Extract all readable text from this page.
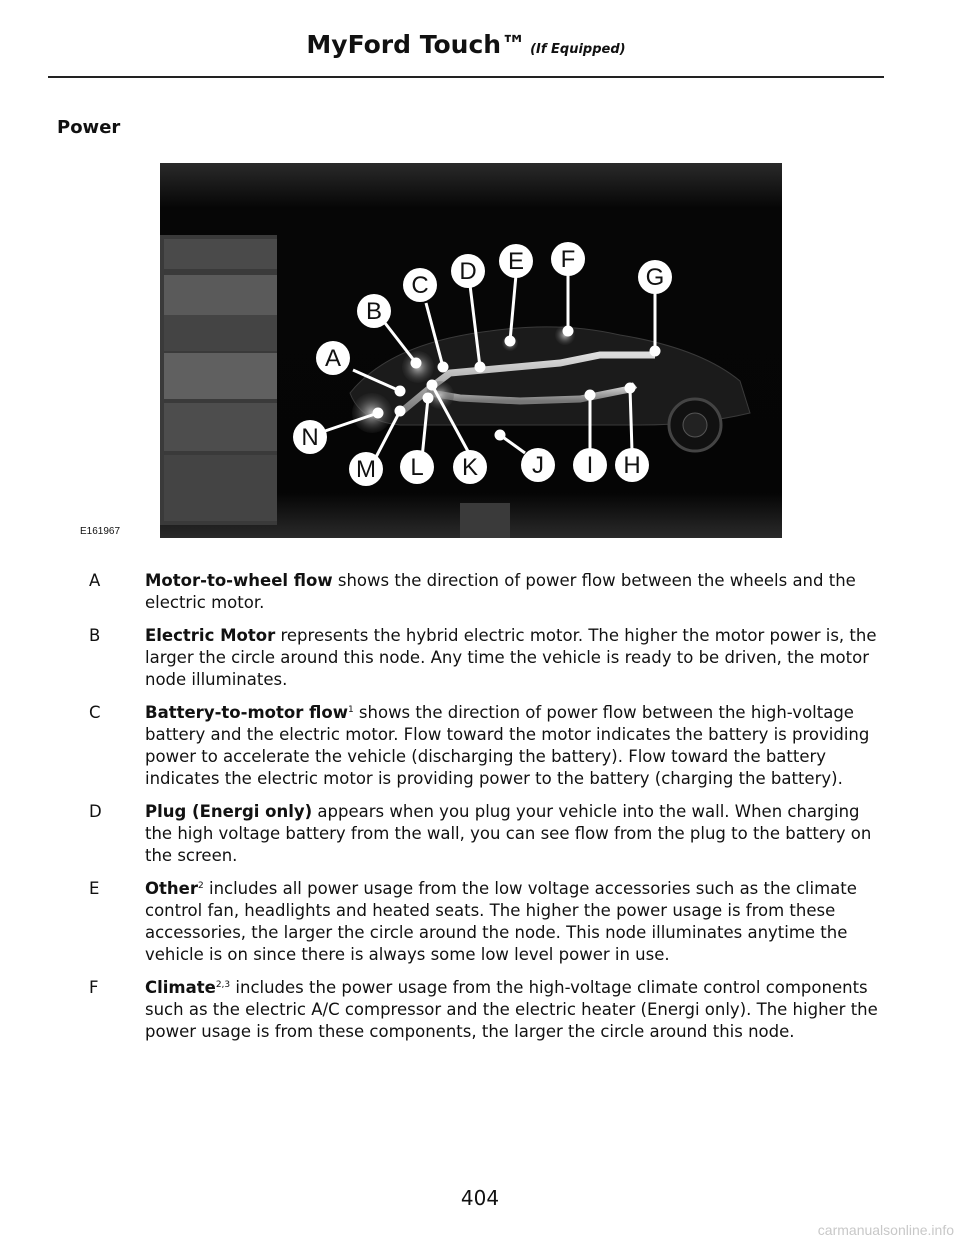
MyFord Touch™ (If Equipped)
Power
A
B
C
D E F
G
H
I
J
K
L
M
N
E161967
A	Motor-to-wheel flow shows the direction of power flow between the wheels and the electric motor.
B	Electric Motor represents the hybrid electric motor. The higher the motor power is, the larger the circle around this node. Any time the vehicle is ready to be driven, the motor node illuminates.
C	Battery-to-motor flow$^1$ shows the direction of power flow between the high-voltage battery and the electric motor. Flow toward the motor indicates the battery is providing power to accelerate the vehicle (discharging the battery). Flow toward the battery indicates the electric motor is providing power to the battery (charging the battery).
D	Plug (Energi only) appears when you plug your vehicle into the wall. When charging the high voltage battery from the wall, you can see flow from the plug to the battery on the screen.
E	Other$^2$ includes all power usage from the low voltage accessories such as the climate control fan, headlights and heated seats. The higher the power usage is from these accessories, the larger the circle around the node. This node illuminates anytime the vehicle is on since there is always some low level power in use.
F	Climate$^{2,3}$ includes the power usage from the high-voltage climate control components such as the electric A/C compressor and the electric heater (Energi only). The higher the power usage is from these components, the larger the circle around this node.
404
carmanualsonline.info
